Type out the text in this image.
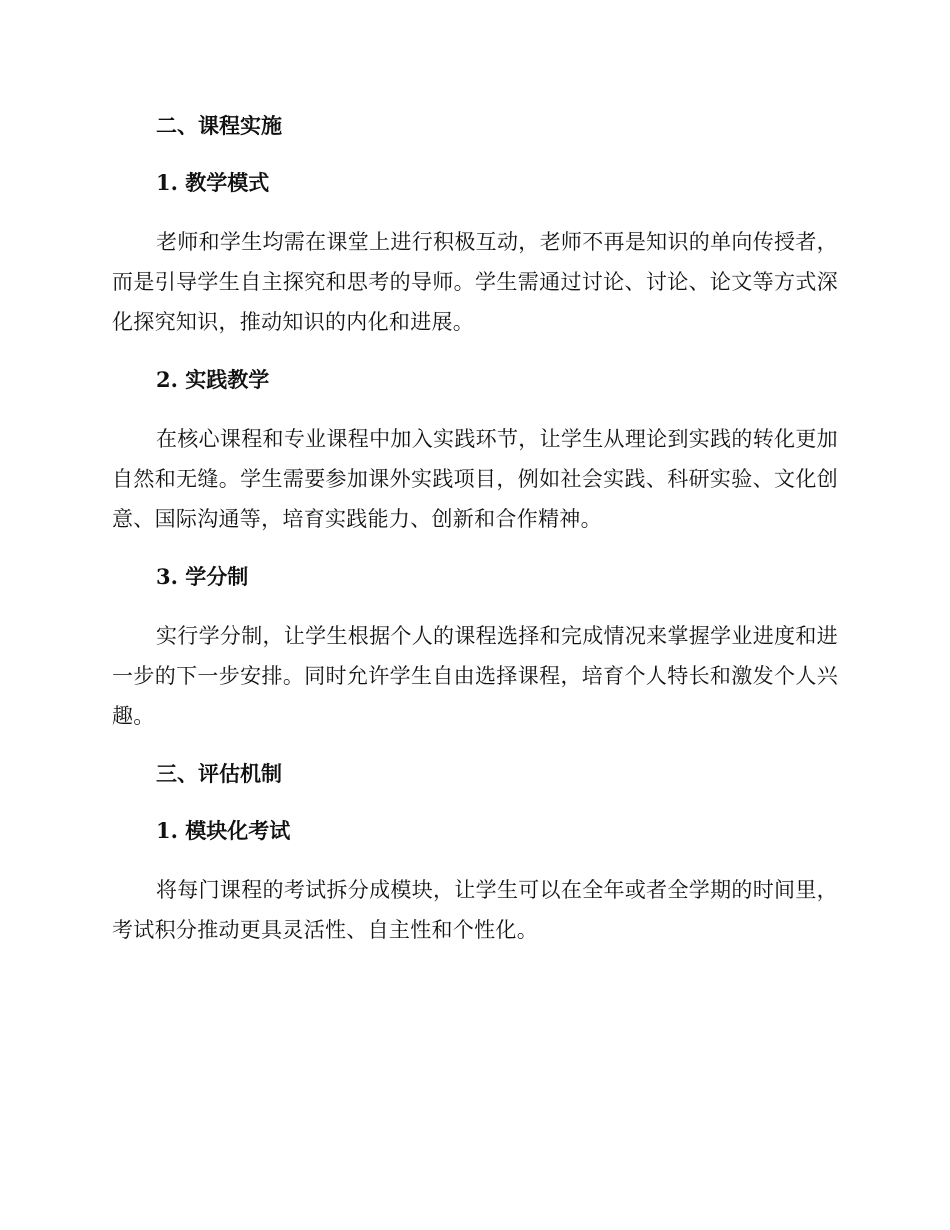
二、课程实施
1. 教学模式

老师和学生均需在课堂上进行积极互动，老师不再是知识的单向传授者，而是引导学生自主探究和思考的导师。学生需通过讨论、讨论、论文等方式深化探究知识，推动知识的内化和进展。

2. 实践教学

在核心课程和专业课程中加入实践环节，让学生从理论到实践的转化更加自然和无缝。学生需要参加课外实践项目，例如社会实践、科研实验、文化创意、国际沟通等，培育实践能力、创新和合作精神。

3. 学分制

实行学分制，让学生根据个人的课程选择和完成情况来掌握学业进度和进一步的下一步安排。同时允许学生自由选择课程，培育个人特长和激发个人兴趣。

三、评估机制
1. 模块化考试

将每门课程的考试拆分成模块，让学生可以在全年或者全学期的时间里，考试积分推动更具灵活性、自主性和个性化。
